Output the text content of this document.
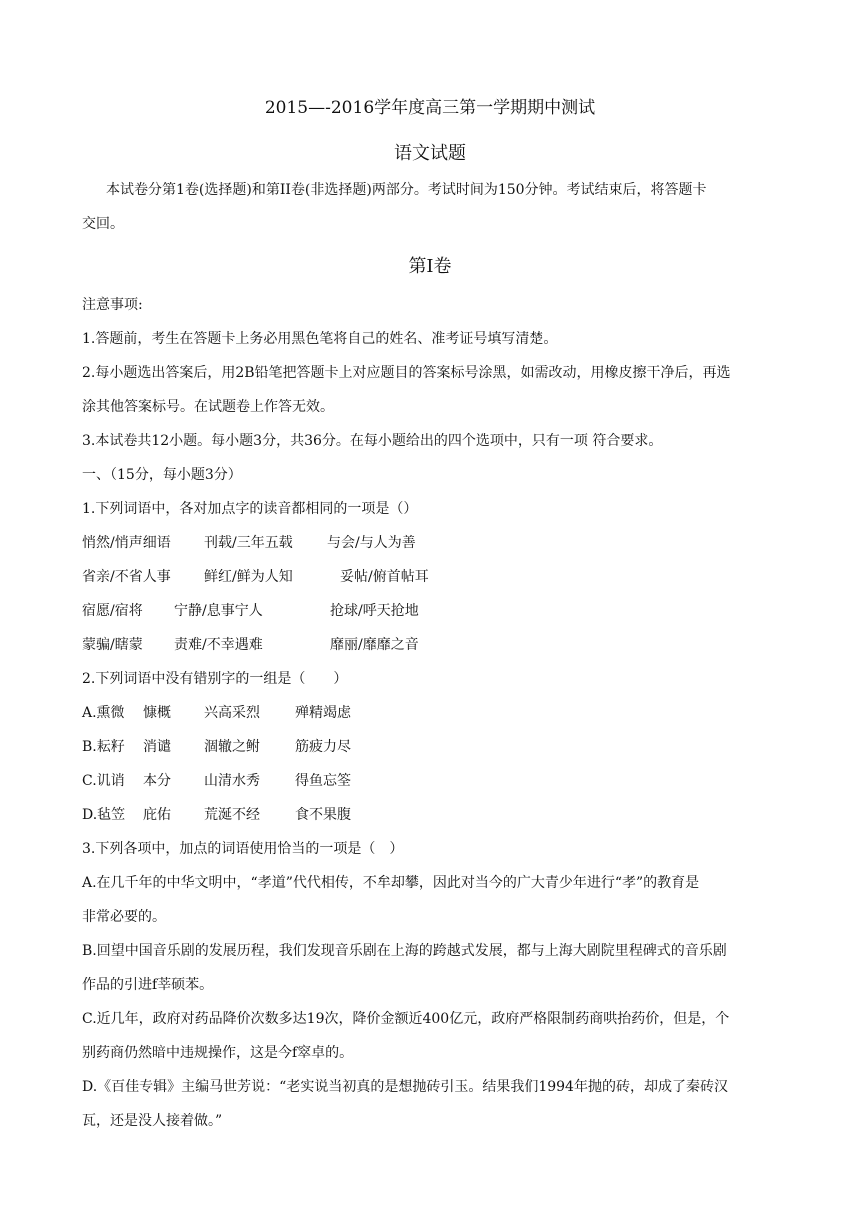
2015—-2016学年度高三第一学期期中测试
语文试题
本试卷分第1卷(选择题)和第II卷(非选择题)两部分。考试时间为150分钟。考试结束后，将答题卡
交回。
第I卷
注意事项:
1.答题前，考生在答题卡上务必用黑色笔将自己的姓名、准考证号填写清楚。
2.每小题选出答案后，用2B铅笔把答题卡上对应题目的答案标号涂黑，如需改动，用橡皮擦干净后，再选
涂其他答案标号。在试题卷上作答无效。
3.本试卷共12小题。每小题3分，共36分。在每小题给出的四个选项中，只有一项 符合要求。
一、（15分，每小题3分）
1.下列词语中，各对加点字的读音都相同的一项是（）
悄然/悄声细语 刊载/三年五载 与会/与人为善
省亲/不省人事 鲜红/鲜为人知	妥帖/俯首帖耳
宿愿/宿将 宁静/息事宁人	抢球/呼天抢地
蒙骗/瞎蒙 责难/不幸遇难	靡丽/靡靡之音
2.下列词语中没有错别字的一组是（　　）
A.熏微 慷概 兴高采烈	殚精竭虑
B.耘籽 消谴 涸辙之鲋	筋疲力尽
C.讥诮 本分 山清水秀	得鱼忘筌
D.毡笠 庇佑 荒涎不经	食不果腹
3.下列各项中，加点的词语使用恰当的一项是（　）
A.在几千年的中华文明中，“孝道”代代相传，不牟却攀，因此对当今的广大青少年进行“孝”的教育是
非常必要的。
B.回望中国音乐剧的发展历程，我们发现音乐剧在上海的跨越式发展，都与上海大剧院里程碑式的音乐剧
作品的引进f莘硕苯。
C.近几年，政府对药品降价次数多达19次，降价金额近400亿元，政府严格限制药商哄抬药价，但是，个
别药商仍然暗中违规操作，这是今f窣卓的。
D.《百佳专辑》主编马世芳说：“老实说当初真的是想抛砖引玉。结果我们1994年抛的砖，却成了秦砖汉
瓦，还是没人接着做。”
